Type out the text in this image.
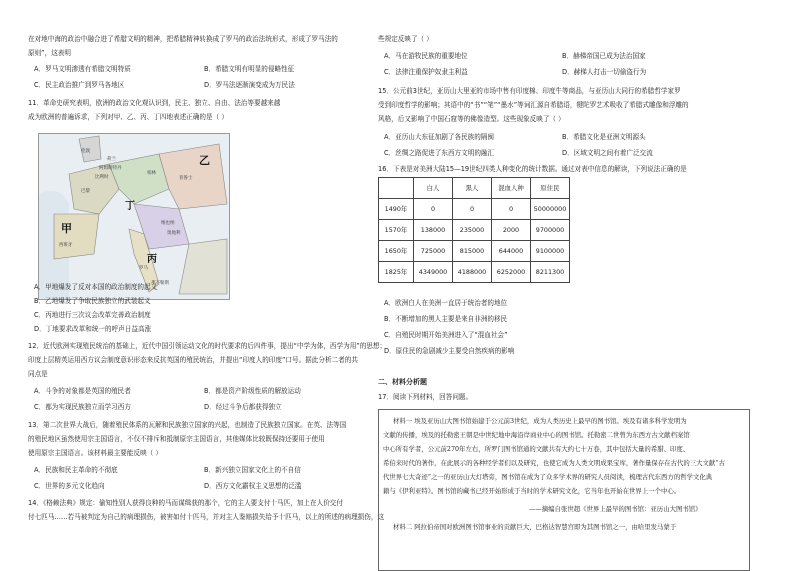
在对地中海的政治中融合进了希腊文明的精神，把希腊精神转换成了罗马的政治法统形式，形成了罗马法的
原则”，这表明
A．罗马文明渗透有希腊文明特质	B．希腊文明有明显的侵略性征
C．民主政治推广到罗马各地区	D．罗马法逐渐演变成为万民法
11．革命史研究表明，欧洲的政治文化观认识到，民主、独立、自由、法治等要越来越
成为欧洲的普遍诉求，下列对甲、乙、丙、丁四地表述正确的是（ ）
甲
乙
丙
丁
阿姆斯特丹
伦敦
巴黎
罗马
柏林
维也纳
那不勒斯
西班牙
比利时
荷兰
普鲁士
奥地利
A．甲地爆发了反对本国的政治制度的起义
B．乙地爆发了争取民族独立的武装起义
C．丙地进行三次议会改革完善政治制度
D．丁地要求改革和统一的呼声日益高涨
12．近代欧洲实现殖民统治的基础上，近代中国引领运动文化的时代要求的后四件事，提出“中学为体，西学为用”的思想；
印度上层精英运用西方议会制度意识形态来反抗英国的殖民统治，并提出“印度人的印度”口号。据此分析二者的共
同点是
A．斗争的对象都是英国的殖民者	B．都是资产阶级性质的解放运动
C．都为实现民族独立而学习西方	D．经过斗争后都获得独立
13．第二次世界大战后，随着殖民体系的瓦解和民族独立国家的兴起，也制造了民族独立国家。在英、法等国
的殖民地区虽然使用宗主国语言，不仅不排斥和抵制原宗主国语言，其他媒体比较既保持还要用于使用
使用原宗主国语言。该材料最主要能反映（ ）
A．民族和民主革命的不彻底	B．新兴独立国家文化上的不自信
C．世界的多元文化趋向	D．西方文化霸权主义思想的泛滥
14．《格赖法典》规定：偷知性别人获得良种的马而谋缉获的那个，它的主人要支付十马匹，加上在人价交付
付七匹马……若马被判定为自己的病理损伤，被害如付十匹马，并对主人鉴赔损失给予十匹马，以上的所述的病理损伤，这
些规定反映了（ ）
A．马在游牧民族的重要地位	B．赫梯帝国已成为法治国家
C．法律注重保护奴隶主利益	D．赫梯人打击一切偷盗行为
15．公元前3世纪，亚历山大里亚的市场中售有印度棉、印度牛等商品，与亚历山大同行的希腊哲学家罗
受到印度哲学的影响；其语中的“书”“笔”“墨水”等词汇源自希腊语，犍陀罗艺术吸收了希腊式雕像和浮雕的
风格，后又影响了中国石窟等的佛像造型。这些现象反映了（ ）
A．亚历山大东征加剧了各民族的隔阂	B．希腊文化是亚洲文明源头
C．丝绸之路促进了东西方文明的融汇	D．区域文明之间有着广泛交流
16．下表是对美洲大陆15—19世纪四类人种变化的统计数据。通过对表中信息的解读，下列说法正确的是
	白人	黑人	混血人种	原住民
1490年	0	0	0	50000000
1570年	138000	235000	2000	9700000
1650年	725000	815000	644000	9100000
1825年	4349000	4188000	6252000	8211300
A．欧洲白人在美洲一直居于统治者的地位
B．不断增加的黑人主要是来自非洲的移民
C．自殖民时期开始美洲进入了“混血社会”
D．原住民的急剧减少主要受自然疾病的影响
二、材料分析题
17．阅读下列材料，回答问题。
材料一 埃及亚历山大图书馆始建于公元前3世纪，成为人类历史上最早的图书馆。埃及有诸多科学发明为
文献的传播，埃及的托勒密王朝是中世纪地中海沿岸商业中心的图书馆。托勒密二世曾为东西方古文献档案馆
中心所有学者，公元前270年左右，所罗门图书馆通的文献共有大约七十万卷，其中包括大量的希腊、印度、
希伯来时代的著作，在此展示的各种经学者们以及研究，也使它成为人类文明成果宝库，著作量保存在古代的三大文献“古
代世界七大奇迹”之一的亚历山大灯塔旁，图书馆在成为了众多学术界的研究人员阅读，梳理古代东西方的哲学文化典
籍与《伊利亚特》。图书馆的藏书已经开始形成于当时的学术研究文化，它当年也开始在世界上一个中心。
——摘编自张世超《世界上最早的图书馆：亚历山大图书馆》
材料二 阿拉伯帝国对欧洲图书馆事业的贡献巨大，巴格达智慧宫即为其图书馆之一，由哈里发马蒙于
